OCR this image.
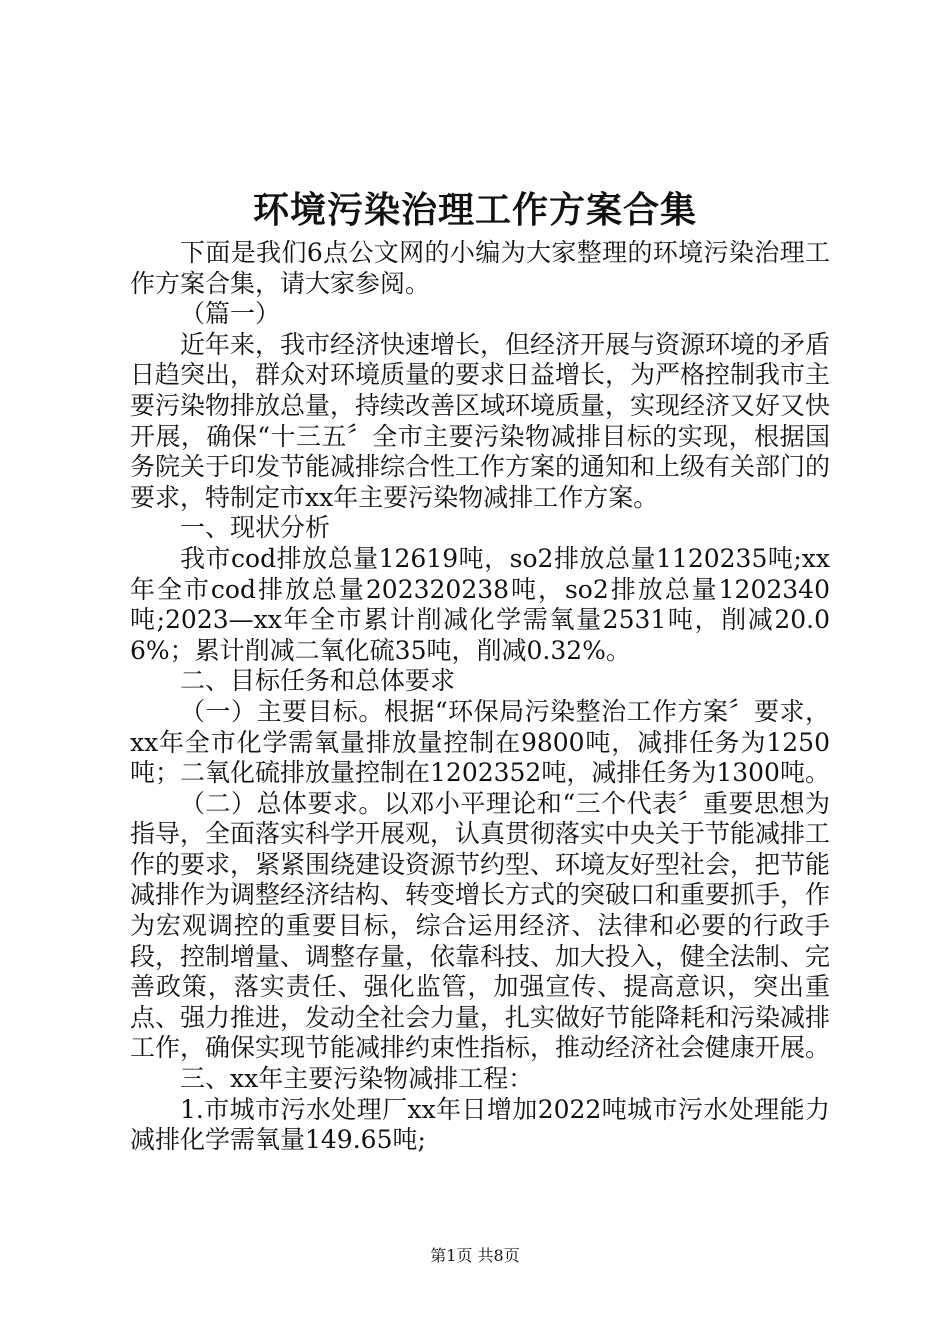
环境污染治理工作方案合集

下面是我们6点公文网的小编为大家整理的环境污染治理工作方案合集，请大家参阅。

（篇一）

近年来，我市经济快速增长，但经济开展与资源环境的矛盾日趋突出，群众对环境质量的要求日益增长，为严格控制我市主要污染物排放总量，持续改善区域环境质量，实现经济又好又快开展，确保“十三五〞全市主要污染物减排目标的实现，根据国务院关于印发节能减排综合性工作方案的通知和上级有关部门的要求，特制定市xx年主要污染物减排工作方案。

一、现状分析

我市cod排放总量12619吨，so2排放总量1120235吨;xx年全市cod排放总量202320238吨，so2排放总量1202340吨;2023—xx年全市累计削减化学需氧量2531吨，削减20.06%；累计削减二氧化硫35吨，削减0.32%。

二、目标任务和总体要求

（一）主要目标。根据“环保局污染整治工作方案〞要求，xx年全市化学需氧量排放量控制在9800吨，减排任务为1250吨；二氧化硫排放量控制在1202352吨，减排任务为1300吨。

（二）总体要求。以邓小平理论和“三个代表〞重要思想为指导，全面落实科学开展观，认真贯彻落实中央关于节能减排工作的要求，紧紧围绕建设资源节约型、环境友好型社会，把节能减排作为调整经济结构、转变增长方式的突破口和重要抓手，作为宏观调控的重要目标，综合运用经济、法律和必要的行政手段，控制增量、调整存量，依靠科技、加大投入，健全法制、完善政策，落实责任、强化监管，加强宣传、提高意识，突出重点、强力推进，发动全社会力量，扎实做好节能降耗和污染减排工作，确保实现节能减排约束性指标，推动经济社会健康开展。

三、xx年主要污染物减排工程：

1.市城市污水处理厂xx年日增加2022吨城市污水处理能力减排化学需氧量149.65吨;

第1页 共8页
